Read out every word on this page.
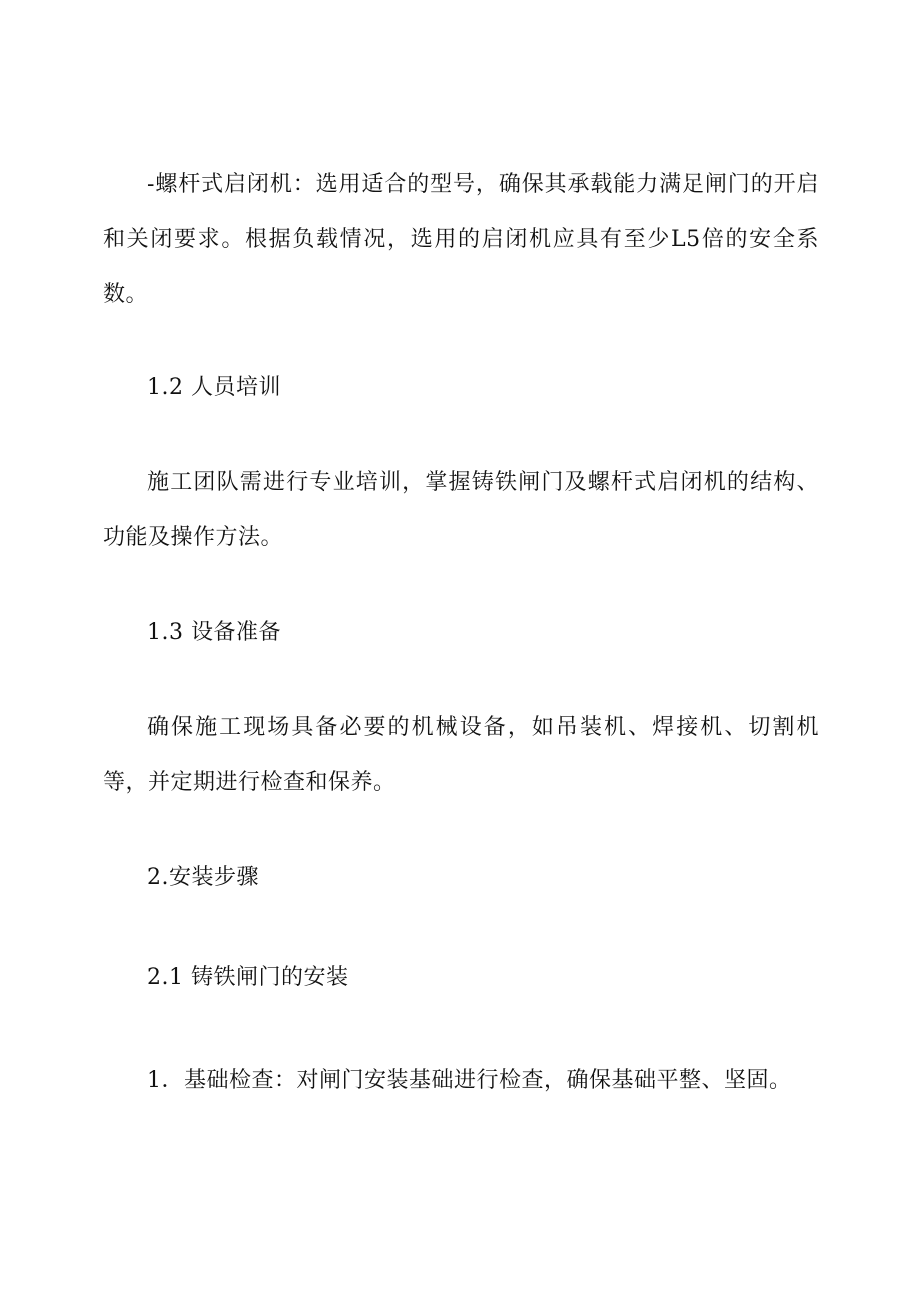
-螺杆式启闭机：选用适合的型号，确保其承载能力满足闸门的开启和关闭要求。根据负载情况，选用的启闭机应具有至少L5倍的安全系数。

1.2 人员培训

施工团队需进行专业培训，掌握铸铁闸门及螺杆式启闭机的结构、功能及操作方法。

1.3 设备准备

确保施工现场具备必要的机械设备，如吊装机、焊接机、切割机等，并定期进行检查和保养。

2.安装步骤

2.1 铸铁闸门的安装

1．基础检查：对闸门安装基础进行检查，确保基础平整、坚固。
